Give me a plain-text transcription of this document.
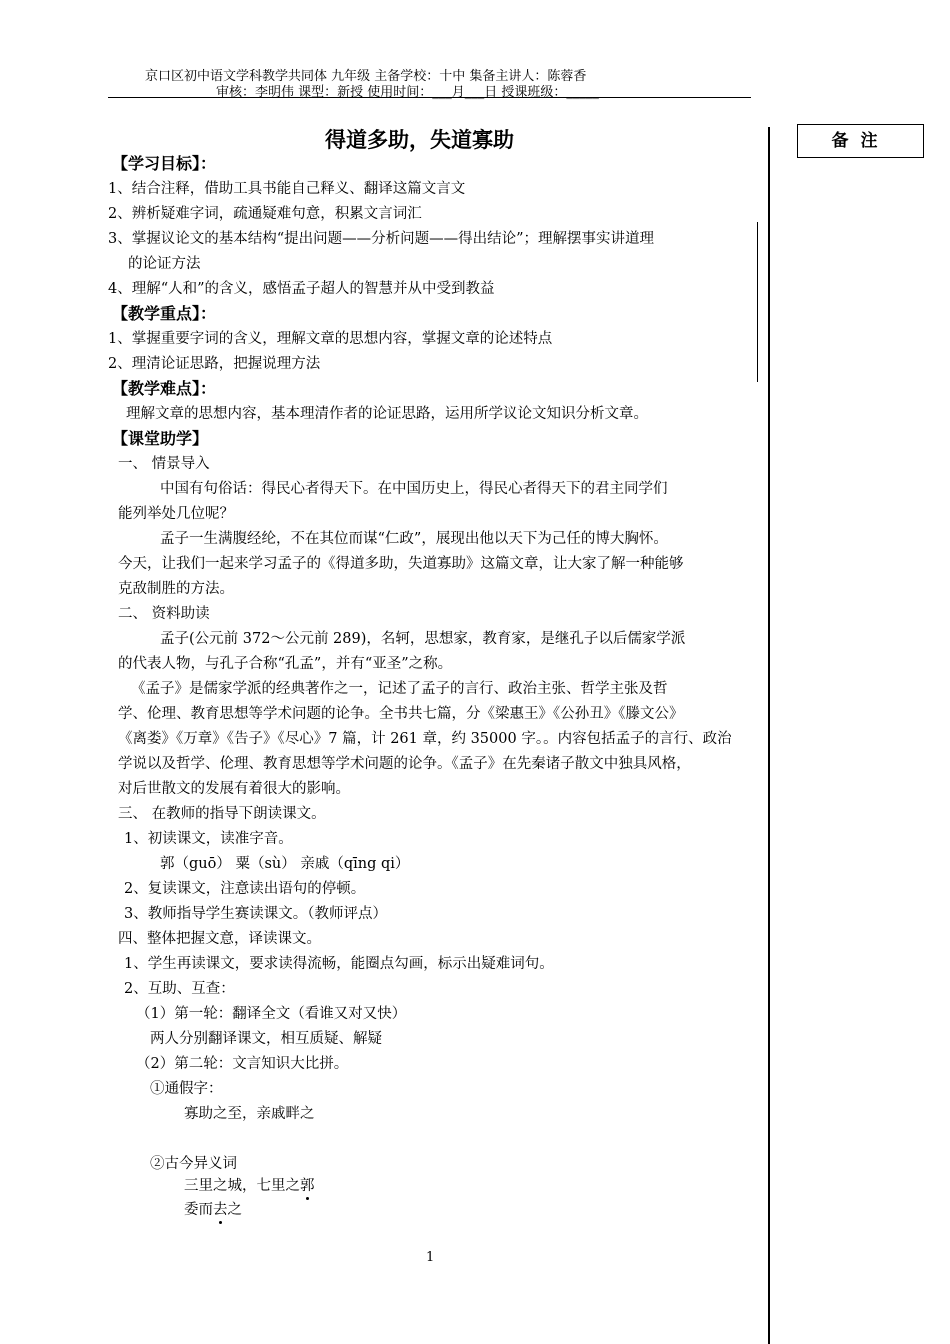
京口区初中语文学科教学共同体 九年级 主备学校：十中 集备主讲人：陈蓉香
审核：李明伟 课型：新授 使用时间：___月___日 授课班级：_____
得道多助，失道寡助	备注
【学习目标】：
1、结合注释，借助工具书能自己释义、翻译这篇文言文
2、辨析疑难字词，疏通疑难句意，积累文言词汇
3、掌握议论文的基本结构“提出问题——分析问题——得出结论”；理解摆事实讲道理
的论证方法
4、理解“人和”的含义，感悟孟子超人的智慧并从中受到教益
【教学重点】：
1、掌握重要字词的含义，理解文章的思想内容，掌握文章的论述特点
2、理清论证思路，把握说理方法
【教学难点】：
理解文章的思想内容，基本理清作者的论证思路，运用所学议论文知识分析文章。
【课堂助学】
一、 情景导入
中国有句俗话：得民心者得天下。在中国历史上，得民心者得天下的君主同学们
能列举处几位呢？
孟子一生满腹经纶，不在其位而谋“仁政”，展现出他以天下为己任的博大胸怀。
今天，让我们一起来学习孟子的《得道多助，失道寡助》这篇文章，让大家了解一种能够
克敌制胜的方法。
二、 资料助读
孟子(公元前 372～公元前 289)，名轲，思想家，教育家，是继孔子以后儒家学派
的代表人物，与孔子合称“孔孟”，并有“亚圣”之称。
《孟子》是儒家学派的经典著作之一，记述了孟子的言行、政治主张、哲学主张及哲
学、伦理、教育思想等学术问题的论争。全书共七篇，分《梁惠王》《公孙丑》《滕文公》
《离娄》《万章》《告子》《尽心》7 篇，计 261 章，约 35000 字。。内容包括孟子的言行、政治
学说以及哲学、伦理、教育思想等学术问题的论争。《孟子》在先秦诸子散文中独具风格，
对后世散文的发展有着很大的影响。
三、 在教师的指导下朗读课文。
1、初读课文，读准字音。
郭（guō） 粟（sù） 亲戚（qīng qi）
2、复读课文，注意读出语句的停顿。
3、教师指导学生赛读课文。（教师评点）
四、整体把握文意，译读课文。
1、学生再读课文，要求读得流畅，能圈点勾画，标示出疑难词句。
2、互助、互查：
（1）第一轮：翻译全文（看谁又对又快）
两人分别翻译课文，相互质疑、解疑
（2）第二轮：文言知识大比拼。
①通假字：
寡助之至，亲戚畔之
②古今异义词
三里之城，七里之郭
委而去之
1
